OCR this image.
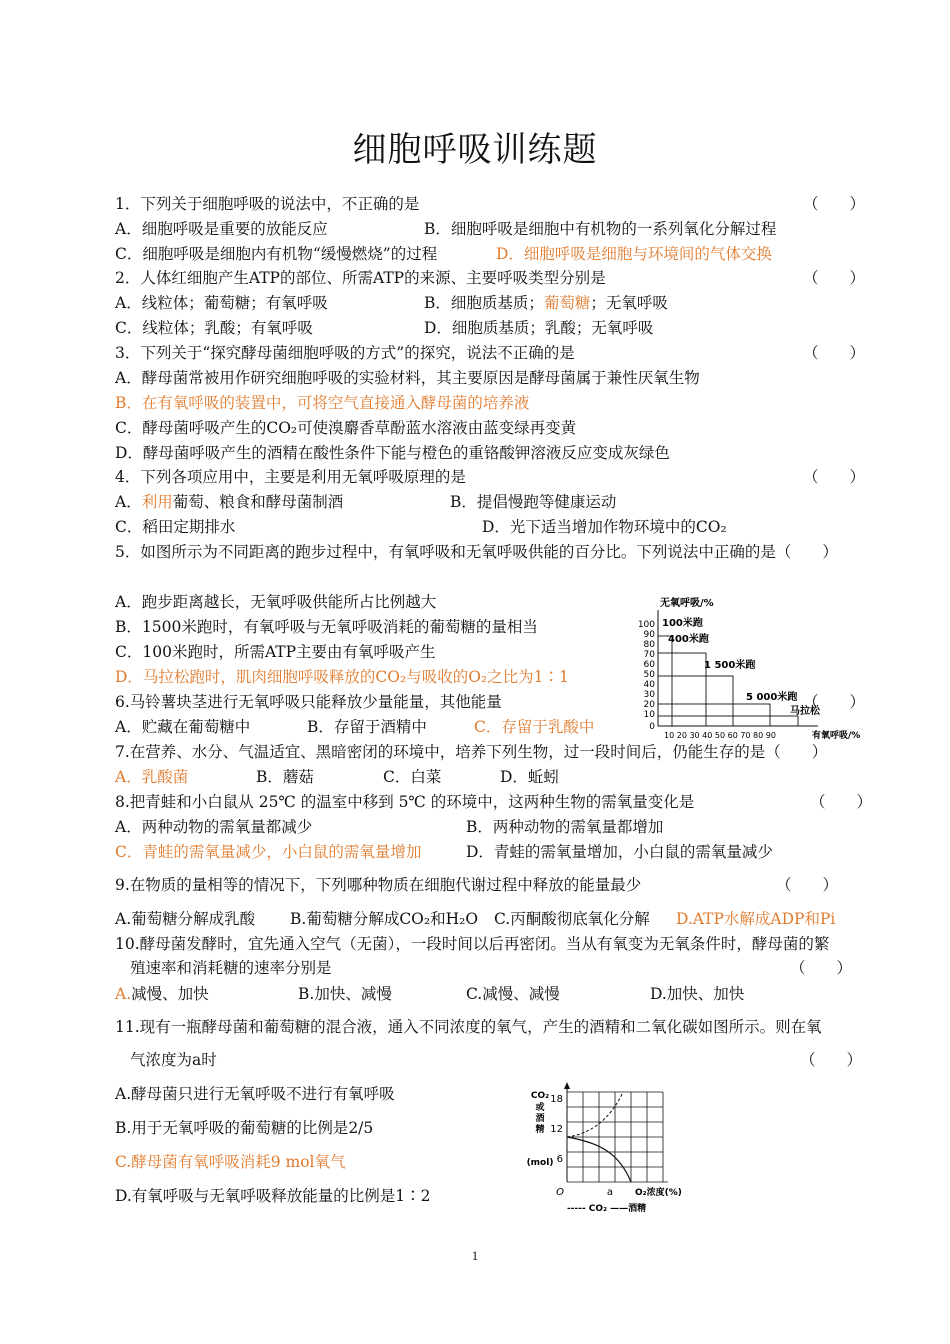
细胞呼吸训练题
1．下列关于细胞呼吸的说法中，不正确的是	（　　）
A．细胞呼吸是重要的放能反应	B．细胞呼吸是细胞中有机物的一系列氧化分解过程
C．细胞呼吸是细胞内有机物“缓慢燃烧”的过程	D．细胞呼吸是细胞与环境间的气体交换
2．人体红细胞产生ATP的部位、所需ATP的来源、主要呼吸类型分别是	（　　）
A．线粒体；葡萄糖；有氧呼吸	B．细胞质基质；葡萄糖；无氧呼吸
C．线粒体；乳酸；有氧呼吸	D．细胞质基质；乳酸；无氧呼吸
3．下列关于“探究酵母菌细胞呼吸的方式”的探究，说法不正确的是	（　　）
A．酵母菌常被用作研究细胞呼吸的实验材料，其主要原因是酵母菌属于兼性厌氧生物
B．在有氧呼吸的装置中，可将空气直接通入酵母菌的培养液
C．酵母菌呼吸产生的CO₂可使溴麝香草酚蓝水溶液由蓝变绿再变黄
D．酵母菌呼吸产生的酒精在酸性条件下能与橙色的重铬酸钾溶液反应变成灰绿色
4．下列各项应用中，主要是利用无氧呼吸原理的是	（　　）
A．利用葡萄、粮食和酵母菌制酒	B．提倡慢跑等健康运动
C．稻田定期排水	D．光下适当增加作物环境中的CO₂
5．如图所示为不同距离的跑步过程中，有氧呼吸和无氧呼吸供能的百分比。下列说法中正确的是（　　）
A．跑步距离越长，无氧呼吸供能所占比例越大
B．1500米跑时，有氧呼吸与无氧呼吸消耗的葡萄糖的量相当
C．100米跑时，所需ATP主要由有氧呼吸产生
D．马拉松跑时，肌肉细胞呼吸释放的CO₂与吸收的O₂之比为1∶1
无氧呼吸/%
100
90
80
70
60
50
40
30
20
10
0
100米跑
400米跑
1 500米跑
5 000米跑
马拉松
10 20 30 40 50 60 70 80 90	有氧呼吸/%
6.马铃薯块茎进行无氧呼吸只能释放少量能量，其他能量	（　　）
A．贮藏在葡萄糖中	B．存留于酒精中	C．存留于乳酸中
7.在营养、水分、气温适宜、黑暗密闭的环境中，培养下列生物，过一段时间后，仍能生存的是（　　）
A．乳酸菌	B．蘑菇	C．白菜	D．蚯蚓
8.把青蛙和小白鼠从 25℃ 的温室中移到 5℃ 的环境中，这两种生物的需氧量变化是	（　　）
A．两种动物的需氧量都减少	B．两种动物的需氧量都增加
C．青蛙的需氧量减少，小白鼠的需氧量增加	D．青蛙的需氧量增加，小白鼠的需氧量减少
9.在物质的量相等的情况下，下列哪种物质在细胞代谢过程中释放的能量最少	（　　）
A.葡萄糖分解成乳酸 B.葡萄糖分解成CO₂和H₂O C.丙酮酸彻底氧化分解 D.ATP水解成ADP和Pi
10.酵母菌发酵时，宜先通入空气（无菌），一段时间以后再密闭。当从有氧变为无氧条件时，酵母菌的繁
殖速率和消耗糖的速率分别是	（　　）
A.减慢、加快	B.加快、减慢	C.减慢、减慢	D.加快、加快
11.现有一瓶酵母菌和葡萄糖的混合液，通入不同浓度的氧气，产生的酒精和二氧化碳如图所示。则在氧
气浓度为a时	（　　）
A.酵母菌只进行无氧呼吸不进行有氧呼吸
B.用于无氧呼吸的葡萄糖的比例是2/5
C.酵母菌有氧呼吸消耗9 mol氧气
D.有氧呼吸与无氧呼吸释放能量的比例是1∶2
CO₂
或
酒
精
(mol)
18
12
6
O	a O₂浓度(%)
----- CO₂ ——酒精
1
